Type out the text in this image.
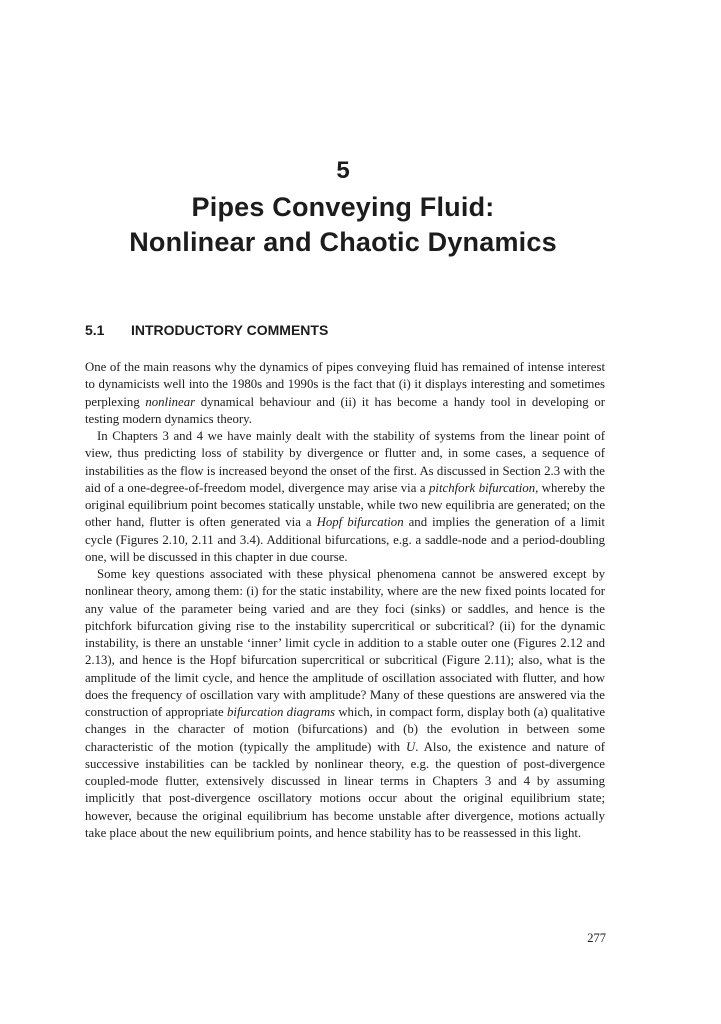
5
Pipes Conveying Fluid:
Nonlinear and Chaotic Dynamics
5.1 INTRODUCTORY COMMENTS

One of the main reasons why the dynamics of pipes conveying fluid has remained of intense interest to dynamicists well into the 1980s and 1990s is the fact that (i) it displays interesting and sometimes perplexing nonlinear dynamical behaviour and (ii) it has become a handy tool in developing or testing modern dynamics theory.

In Chapters 3 and 4 we have mainly dealt with the stability of systems from the linear point of view, thus predicting loss of stability by divergence or flutter and, in some cases, a sequence of instabilities as the flow is increased beyond the onset of the first. As discussed in Section 2.3 with the aid of a one-degree-of-freedom model, divergence may arise via a pitchfork bifurcation, whereby the original equilibrium point becomes statically unstable, while two new equilibria are generated; on the other hand, flutter is often generated via a Hopf bifurcation and implies the generation of a limit cycle (Figures 2.10, 2.11 and 3.4). Additional bifurcations, e.g. a saddle-node and a period-doubling one, will be discussed in this chapter in due course.

Some key questions associated with these physical phenomena cannot be answered except by nonlinear theory, among them: (i) for the static instability, where are the new fixed points located for any value of the parameter being varied and are they foci (sinks) or saddles, and hence is the pitchfork bifurcation giving rise to the instability supercritical or subcritical? (ii) for the dynamic instability, is there an unstable ‘inner’ limit cycle in addition to a stable outer one (Figures 2.12 and 2.13), and hence is the Hopf bifurcation supercritical or subcritical (Figure 2.11); also, what is the amplitude of the limit cycle, and hence the amplitude of oscillation associated with flutter, and how does the frequency of oscillation vary with amplitude? Many of these questions are answered via the construction of appropriate bifurcation diagrams which, in compact form, display both (a) qualitative changes in the character of motion (bifurcations) and (b) the evolution in between some characteristic of the motion (typically the amplitude) with U. Also, the existence and nature of successive instabilities can be tackled by nonlinear theory, e.g. the question of post-divergence coupled-mode flutter, extensively discussed in linear terms in Chapters 3 and 4 by assuming implicitly that post-divergence oscillatory motions occur about the original equilibrium state; however, because the original equilibrium has become unstable after divergence, motions actually take place about the new equilibrium points, and hence stability has to be reassessed in this light.

277
